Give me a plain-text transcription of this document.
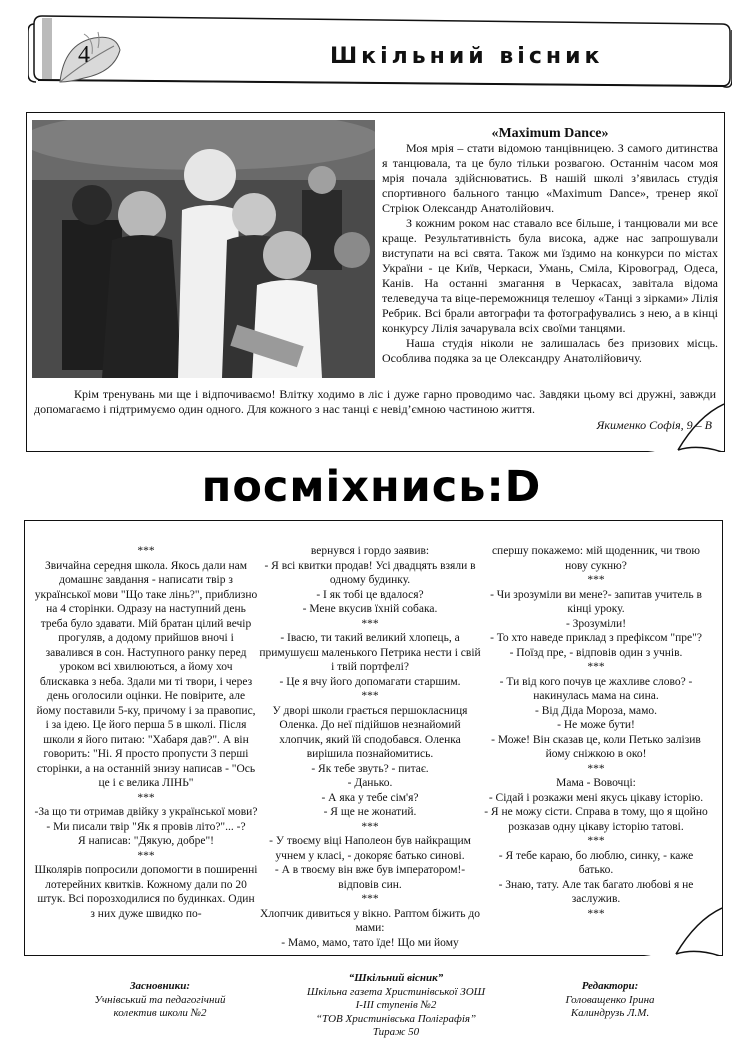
4	Шкільний вісник
«Maximum Dance»

Моя мрія – стати відомою танцівницею. З самого дитинства я танцювала, та це було тільки розвагою. Останнім часом моя мрія почала здійснюватись. В нашій школі з’явилась студія спортивного бального танцю «Maximum Dance», тренер якої Стріюк Олександр Анатолійович.

З кожним роком нас ставало все більше, і танцювали ми все краще. Результативність була висока, адже нас запрошували виступати на всі свята. Також ми їздимо на конкурси по містах України - це Київ, Черкаси, Умань, Сміла, Кіровоград, Одеса, Канів. На останні змагання в Черкасах, завітала відома телеведуча та віце-переможниця телешоу «Танці з зірками» Лілія Ребрик. Всі брали автографи та фотографувались з нею, а в кінці конкурсу Лілія зачарувала всіх своїми танцями.

Наша студія ніколи не залишалась без призових місць. Особлива подяка за це Олександру Анатолійовичу.

Крім тренувань ми ще і відпочиваємо! Влітку ходимо в ліс і дуже гарно проводимо час. Завдяки цьому всі дружні, завжди допомагаємо і підтримуємо один одного. Для кожного з нас танці є невід’ємною частиною життя.

Якименко Софія, 9 – В
посміхнись:D

***

Звичайна середня школа. Якось дали нам домашнє завдання - написати твір з української мови "Що таке лінь?", приблизно на 4 сторінки. Одразу на наступний день треба було здавати. Мій братан цілий вечір прогуляв, а додому прийшов вночі і завалився в сон. Наступного ранку перед уроком всі хвилюються, а йому хоч блискавка з неба. Здали ми ті твори, і через день оголосили оцінки. Не повірите, але йому поставили 5-ку, причому і за правопис, і за ідею. Це його перша 5 в школі. Після школи я його питаю: "Хабаря дав?". А він говорить: "Ні. Я просто пропусти 3 перші сторінки, а на останній знизу написав - "Ось це і є велика ЛІНЬ"

***

-За що ти отримав двійку з української мови?

- Ми писали твір "Як я провів літо?"... -?

Я написав: "Дякую, добре"!

***

Школярів попросили допомогти в поширенні лотерейних квитків. Кожному дали по 20 штук. Всі порозходилися по будинках. Один з них дуже швидко по-

вернувся і гордо заявив:

- Я всі квитки продав! Усі двадцять взяли в одному будинку.

- І як тобі це вдалося?

- Мене вкусив їхній собака.

***

- Івасю, ти такий великий хлопець, а примушуєш маленького Петрика нести і свій і твій портфелі?

- Це я вчу його допомагати старшим.

***

У дворі школи грається першокласниця Оленка. До неї підійшов незнайомий хлопчик, який їй сподобався. Оленка вирішила познайомитись.

- Як тебе звуть? - питає.

- Данько.

- А яка у тебе сім'я?

- Я ще не жонатий.

***

- У твоєму віці Наполеон був найкращим учнем у класі, - докоряє батько синові.

- А в твоєму він вже був імператором!- відповів син.

***

Хлопчик дивиться у вікно. Раптом біжить до мами:

- Мамо, мамо, тато їде! Що ми йому

спершу покажемо: мій щоденник, чи твою нову сукню?

***

- Чи зрозуміли ви мене?- запитав учитель в кінці уроку.

- Зрозуміли!

- То хто наведе приклад з префіксом "пре"?

- Поїзд пре, - відповів один з учнів.

***

- Ти від кого почув це жахливе слово? - накинулась мама на сина.

- Від Діда Мороза, мамо.

- Не може бути!

- Може! Він сказав це, коли Петько залізив йому сніжкою в око!

***

Мама - Вовочці:

- Сідай і розкажи мені якусь цікаву історію.

- Я не можу сісти. Справа в тому, що я щойно розказав одну цікаву історію татові.

***

- Я тебе караю, бо люблю, синку, - каже батько.

- Знаю, тату. Але так багато любові я не заслужив.

***

Засновники:
Учнівський та педагогічний
колектив школи №2
“Шкільний вісник”
Шкільна газета Христинівської ЗОШ
І-ІІІ ступенів №2
“ТОВ Христинівська Поліграфія”
Тираж 50
Редактори:
Головащенко Ірина
Калиндрузь Л.М.
